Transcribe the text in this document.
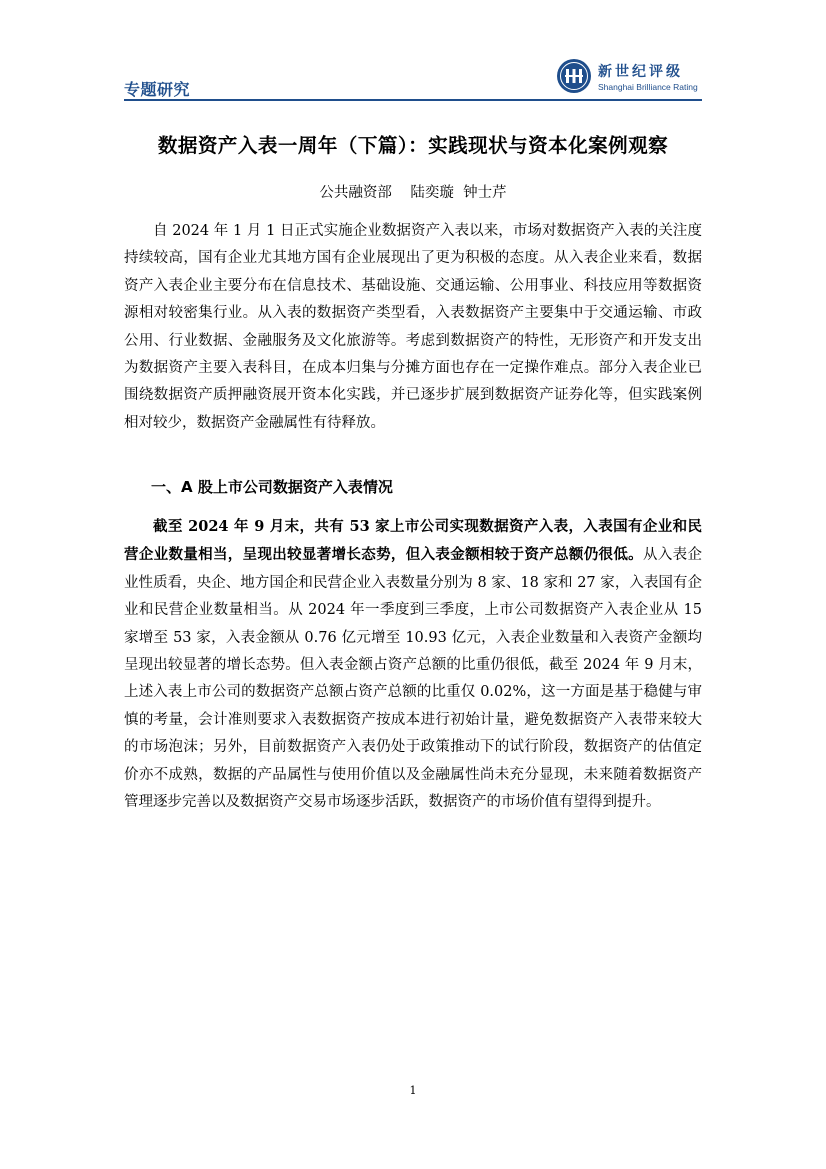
专题研究
新世纪评级
Shanghai Brilliance Rating
数据资产入表一周年（下篇）：实践现状与资本化案例观察
公共融资部    陆奕璇  钟士芹

自 2024 年 1 月 1 日正式实施企业数据资产入表以来，市场对数据资产入表的关注度持续较高，国有企业尤其地方国有企业展现出了更为积极的态度。从入表企业来看，数据资产入表企业主要分布在信息技术、基础设施、交通运输、公用事业、科技应用等数据资源相对较密集行业。从入表的数据资产类型看，入表数据资产主要集中于交通运输、市政公用、行业数据、金融服务及文化旅游等。考虑到数据资产的特性，无形资产和开发支出为数据资产主要入表科目，在成本归集与分摊方面也存在一定操作难点。部分入表企业已围绕数据资产质押融资展开资本化实践，并已逐步扩展到数据资产证券化等，但实践案例相对较少，数据资产金融属性有待释放。

一、A 股上市公司数据资产入表情况

截至 2024 年 9 月末，共有 53 家上市公司实现数据资产入表，入表国有企业和民营企业数量相当，呈现出较显著增长态势，但入表金额相较于资产总额仍很低。从入表企业性质看，央企、地方国企和民营企业入表数量分别为 8 家、18 家和 27 家，入表国有企业和民营企业数量相当。从 2024 年一季度到三季度，上市公司数据资产入表企业从 15 家增至 53 家，入表金额从 0.76 亿元增至 10.93 亿元，入表企业数量和入表资产金额均呈现出较显著的增长态势。但入表金额占资产总额的比重仍很低，截至 2024 年 9 月末，上述入表上市公司的数据资产总额占资产总额的比重仅 0.02%，这一方面是基于稳健与审慎的考量，会计准则要求入表数据资产按成本进行初始计量，避免数据资产入表带来较大的市场泡沫；另外，目前数据资产入表仍处于政策推动下的试行阶段，数据资产的估值定价亦不成熟，数据的产品属性与使用价值以及金融属性尚未充分显现，未来随着数据资产管理逐步完善以及数据资产交易市场逐步活跃，数据资产的市场价值有望得到提升。

1
